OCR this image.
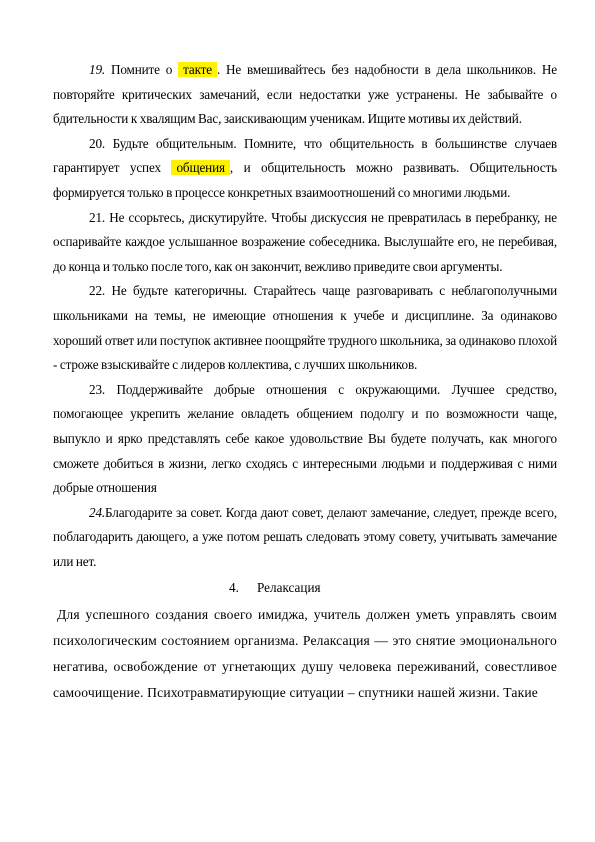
19. Помните о такте . Не вмешивайтесь без надобности в дела школьников. Не повторяйте критических замечаний, если недостатки уже устранены. Не забывайте о бдительности к хвалящим Вас, заискивающим ученикам. Ищите мотивы их действий.

20. Будьте общительным. Помните, что общительность в большинстве случаев гарантирует успех общения , и общительность можно развивать. Общительность формируется только в процессе конкретных взаимоотношений со многими людьми.

21. Не ссорьтесь, дискутируйте. Чтобы дискуссия не превратилась в перебранку, не оспаривайте каждое услышанное возражение собеседника. Выслушайте его, не перебивая, до конца и только после того, как он закончит, вежливо приведите свои аргументы.

22. Не будьте категоричны. Старайтесь чаще разговаривать с неблагополучными школьниками на темы, не имеющие отношения к учебе и дисциплине. За одинаково хороший ответ или поступок активнее поощряйте трудного школьника, за одинаково плохой - строже взыскивайте с лидеров коллектива, с лучших школьников.

23. Поддерживайте добрые отношения с окружающими. Лучшее средство, помогающее укрепить желание овладеть общением подолгу и по возможности чаще, выпукло и ярко представлять себе какое удовольствие Вы будете получать, как многого сможете добиться в жизни, легко сходясь с интересными людьми и поддерживая с ними добрые отношения

24.Благодарите за совет. Когда дают совет, делают замечание, следует, прежде всего, поблагодарить дающего, а уже потом решать следовать этому совету, учитывать замечание или нет.

4. Релаксация

Для успешного создания своего имиджа, учитель должен уметь управлять своим психологическим состоянием организма. Релаксация — это снятие эмоционального негатива, освобождение от угнетающих душу человека переживаний, совестливое самоочищение. Психотравматирующие ситуации – спутники нашей жизни. Такие
